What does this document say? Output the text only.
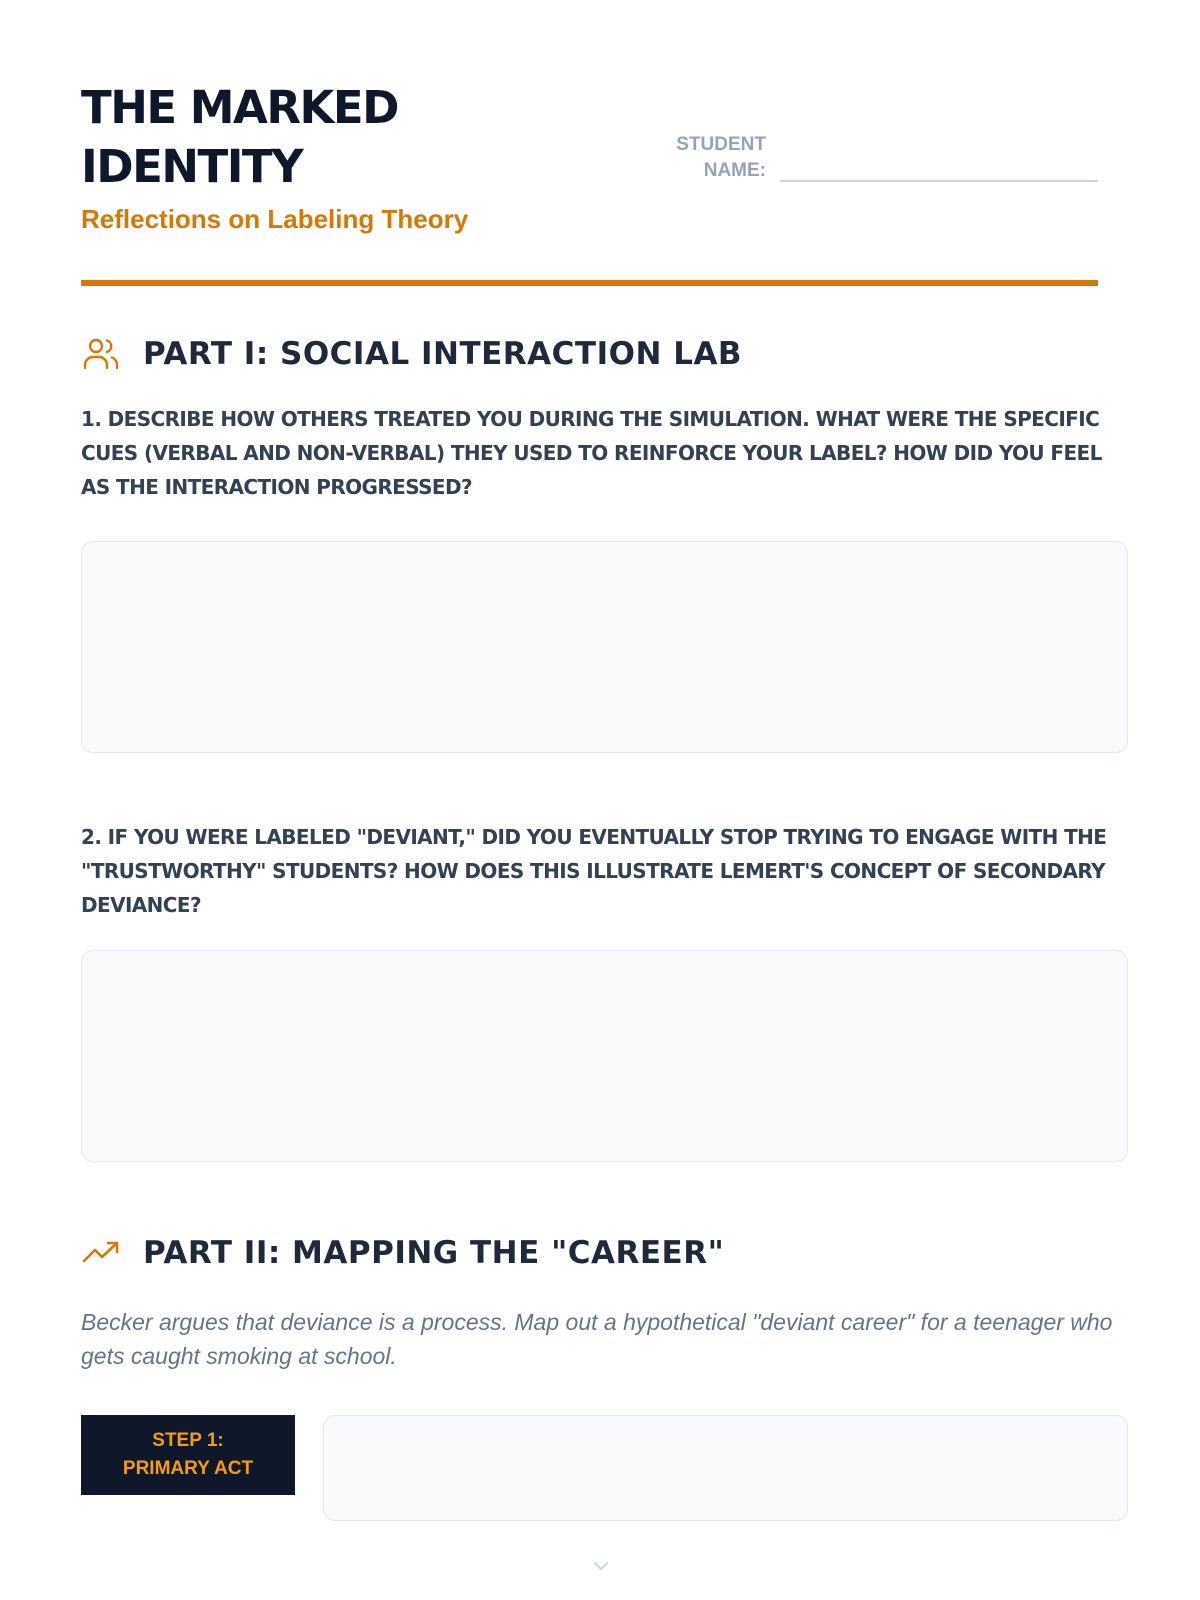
THE MARKED IDENTITY

Reflections on Labeling Theory

STUDENT
NAME:
PART I: SOCIAL INTERACTION LAB

1. DESCRIBE HOW OTHERS TREATED YOU DURING THE SIMULATION. WHAT WERE THE SPECIFIC CUES (VERBAL AND NON-VERBAL) THEY USED TO REINFORCE YOUR LABEL? HOW DID YOU FEEL AS THE INTERACTION PROGRESSED?

2. IF YOU WERE LABELED "DEVIANT," DID YOU EVENTUALLY STOP TRYING TO ENGAGE WITH THE "TRUSTWORTHY" STUDENTS? HOW DOES THIS ILLUSTRATE LEMERT'S CONCEPT OF SECONDARY DEVIANCE?

PART II: MAPPING THE "CAREER"

Becker argues that deviance is a process. Map out a hypothetical "deviant career" for a teenager who gets caught smoking at school.

STEP 1:
PRIMARY ACT
